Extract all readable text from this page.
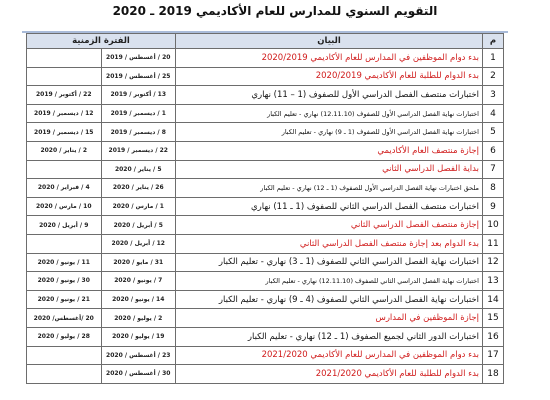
التقويم السنوي للمدارس للعام الأكاديمي 2019 ـ 2020
م	البيان	الفترة الزمنية	
1	بدء دوام الموظفين في المدارس للعام الأكاديمي 2020/2019	20 / أغسطس / 2019	
2	بدء الدوام للطلبة للعام الأكاديمي 2020/2019	25 / أغسطس / 2019	
3	اختبارات منتصف الفصل الدراسي الأول للصفوف (1 – 11) نهاري	13 / أكتوبر / 2019	22 / أكتوبر / 2019
4	اختبارات نهاية الفصل الدراسي الأول للصفوف (12.11.10) نهاري - تعليم الكبار	1 / ديسمبر / 2019	12 / ديسمبر / 2019
5	اختبارات نهاية الفصل الدراسي الأول للصفوف (1 ـ 9) نهاري - تعليم الكبار	8 / ديسمبر / 2019	15 / ديسمبر / 2019
6	إجازة منتصف العام الأكاديمي	22 / ديسمبر / 2019	2 / يناير / 2020
7	بداية الفصل الدراسي الثاني	5 / يناير / 2020	
8	ملحق اختبارات نهاية الفصل الدراسي الأول للصفوف (1 ـ 12) نهاري - تعليم الكبار	26 / يناير / 2020	4 / فبراير / 2020
9	اختبارات منتصف الفصل الدراسي الثاني للصفوف (1 ـ 11) نهاري	1 / مارس / 2020	10 / مارس / 2020
10	إجازة منتصف الفصل الدراسي الثاني	5 / أبريل / 2020	9 / أبريل / 2020
11	بدء الدوام بعد إجازة منتصف الفصل الدراسي الثاني	12 / أبريل / 2020	
12	اختبارات نهاية الفصل الدراسي الثاني للصفوف (1 ـ 3) نهاري - تعليم الكبار	31 / مايو / 2020	11 / يونيو / 2020
13	اختبارات نهاية الفصل الدراسي الثاني للصفوف (12.11.10) نهاري - تعليم الكبار	7 / يونيو / 2020	30 / يونيو / 2020
14	اختبارات نهاية الفصل الدراسي الثاني للصفوف (4 ـ 9) نهاري - تعليم الكبار	14 / يونيو / 2020	21 / يونيو / 2020
15	إجازة الموظفين في المدارس	2 / يوليو / 2020	20 /أغسطس/ 2020
16	اختبارات الدور الثاني لجميع الصفوف (1 ـ 12) نهاري - تعليم الكبار	19 / يوليو / 2020	28 / يوليو / 2020
17	بدء دوام الموظفين في المدارس للعام الأكاديمي 2021/2020	23 / أغسطس / 2020	
18	بدء الدوام للطلبة للعام الأكاديمي 2021/2020	30 / أغسطس / 2020	
